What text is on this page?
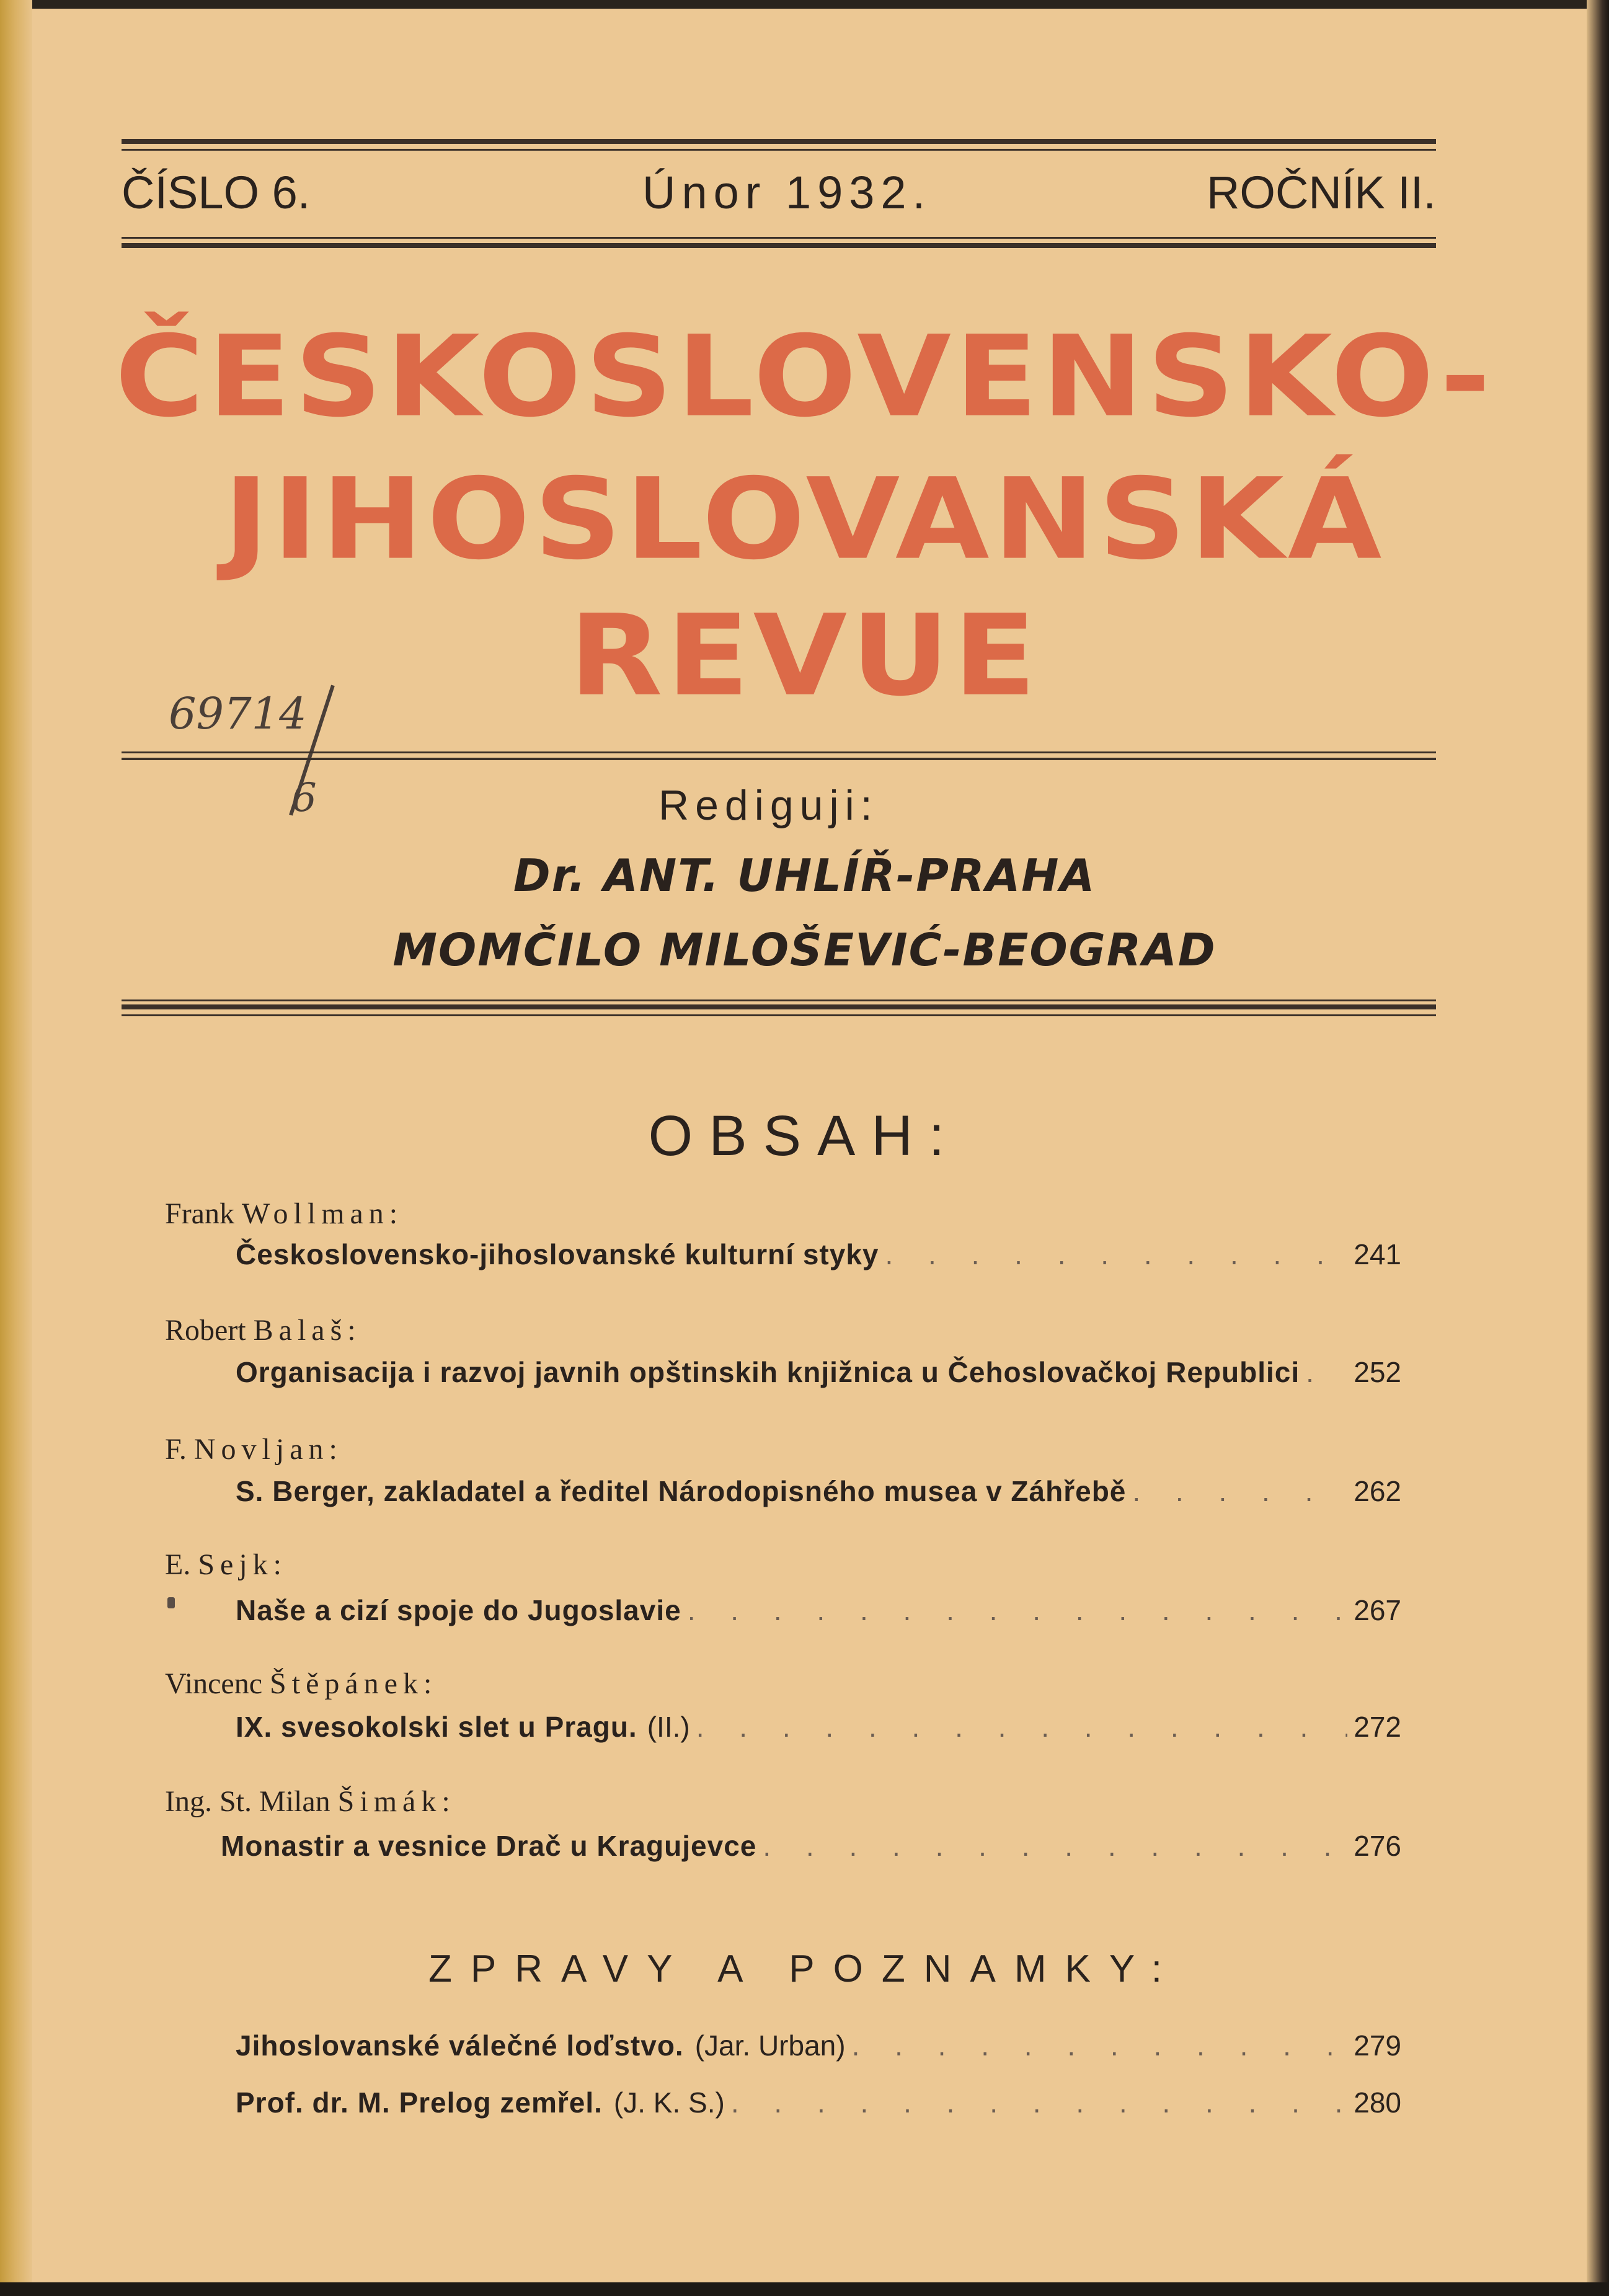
ČÍSLO 6.	Únor 1932.	ROČNÍK II.
ČESKOSLOVENSKO-
JIHOSLOVANSKÁ
REVUE
69714
6	Rediguji:
Dr. ANT. UHLÍŘ-PRAHA
MOMČILO MILOŠEVIĆ-BEOGRAD
OBSAH:
Frank Wollman:
Československo-jihoslovanské kulturní styky . . .	241
Robert Balaš:
Organisacija i razvoj javnih opštinskih knjižnica u Čehoslovačkoj Republici . . . 252
F. Novljan:
S. Berger, zakladatel a ředitel Národopisného musea v Záhřebě . . .	262
E. Sejk:
Naše a cizí spoje do Jugoslavie . . .	267
Vincenc Štěpánek:
IX. svesokolski slet u Pragu. (II.) . . .	272
Ing. St. Milan Šimák:
Monastir a vesnice Drač u Kragujevce . . .	276
ZPRAVY A POZNAMKY:
Jihoslovanské válečné loďstvo. (Jar. Urban) . . .	279
Prof. dr. M. Prelog zemřel. (J. K. S.) . . .	280
